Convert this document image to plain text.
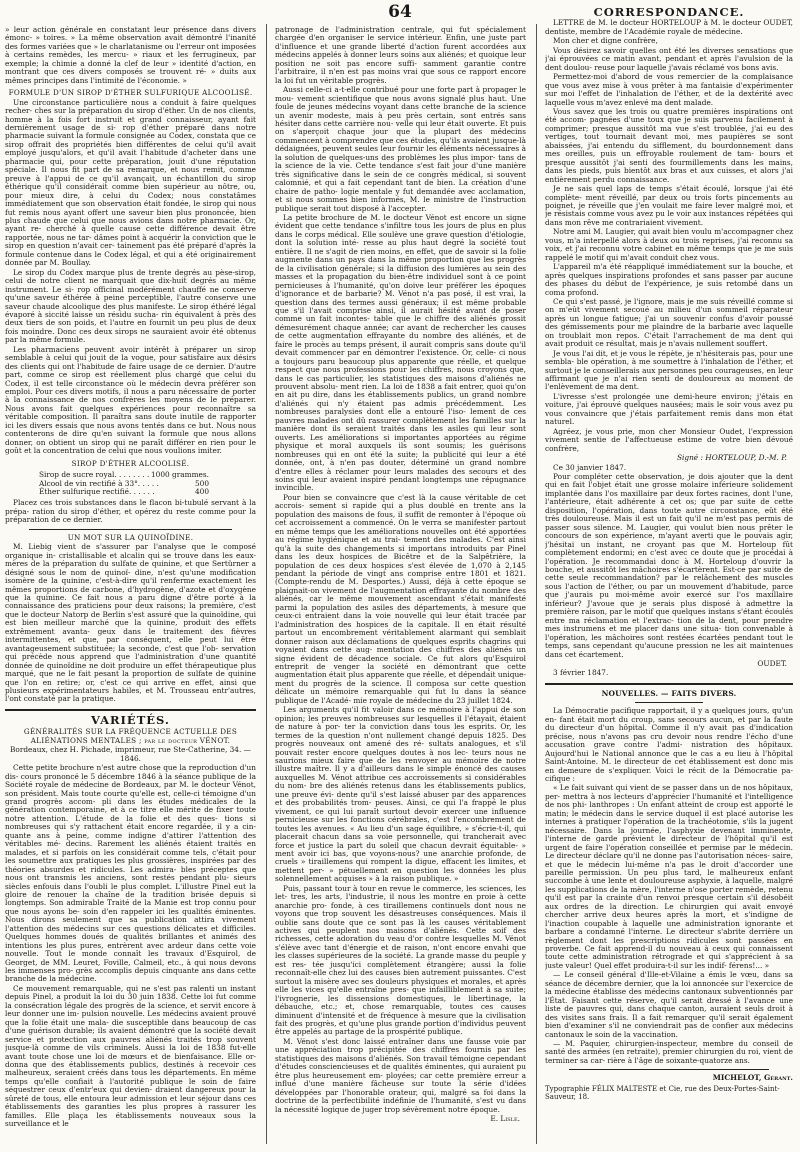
64

» leur action générale en constatant leur présence dans divers émonc- » toires. » La même observation avait démontré l'inanité des formes variées que » le charlatanisme ou l'erreur ont imposées à certains remèdes, les mercu- » riaux et les ferrugineux, par exemple; la chimie a donné la clef de leur » identité d'action, en montrant que ces divers composés se trouvent ré- » duits aux mêmes principes dans l'intimité de l'économie. »

FORMULE D'UN SIROP D'ÉTHER SULFURIQUE ALCOOLISÉ.

Une circonstance particulière nous a conduit à faire quelques recher- ches sur la préparation du sirop d'éther. Un de nos clients, homme à la fois fort instruit et grand connaisseur, ayant fait dernièrement usage de si- rop d'éther préparé dans notre pharmacie suivant la formule consignée au Codex, constata que ce sirop offrait des propriétés bien différentes de celui qu'il avait employé jusqu'alors, et qu'il avait l'habitude d'acheter dans une pharmacie qui, pour cette préparation, jouit d'une réputation spéciale. Il nous fit part de sa remarque, et nous remit, comme preuve à l'appui de ce qu'il avançait, un échantillon du sirop éthérique qu'il considérait comme bien supérieur au nôtre, ou, pour mieux dire, à celui du Codex; nous constatâmes immédiatement que son observation était fondée, le sirop qui nous fut remis nous ayant offert une saveur bien plus prononcée, bien plus chaude que celui que nous avions dans notre pharmacie. Or, ayant re- cherché à quelle cause cette différence devait être rapportée, nous ne tar- dâmes point à acquérir la conviction que le sirop en question n'avait cer- tainement pas été préparé d'après la formule contenue dans le Codex légal, et qui a été originairement donnée par M. Boullay.

Le sirop du Codex marque plus de trente degrés au pèse-sirop, celui de notre client ne marquait que dix-huit degrés au même instrument. Le si- rop officinal modérément chauffé ne conserve qu'une saveur éthérée à peine perceptible, l'autre conserve une saveur chaude alcoolique des plus manifeste. Le sirop éthéré légal évaporé à siccité laisse un résidu sucha- rin équivalent à près des deux tiers de son poids, et l'autre en fournit un peu plus de deux fois moindre. Donc ces deux sirops ne sauraient avoir été obtenus par la même formule.

Les pharmaciens peuvent avoir intérêt à préparer un sirop semblable à celui qui jouit de la vogue, pour satisfaire aux désirs des clients qui ont l'habitude de faire usage de ce dernier. D'autre part, comme ce sirop est réellement plus chargé que celui du Codex, il est telle circonstance où le médecin devra préférer son emploi. Pour ces divers motifs, il nous a paru nécessaire de porter à la connaissance de nos confrères les moyens de le préparer. Nous avons fait quelques expériences pour reconnaître sa véritable composition. Il paraîtra sans doute inutile de rapporter ici les divers essais que nous avons tentés dans ce but. Nous nous contenterons de dire qu'en suivant la formule que nous allons donner, on obtient un sirop qui ne paraît différer en rien pour le goût et la concentration de celui que nous voulions imiter.

SIROP D'ÉTHER ALCOOLISÉ.
Sirop de sucre royal. . . . . . . . 1000 grammes.
Alcool de vin rectifié à 33°. . . . .	500
Éther sulfurique rectifié. . . . . .	400

Placez ces trois substances dans le flacon bi-tubulé servant à la prépa- ration du sirop d'éther, et opérez du reste comme pour la préparation de ce dernier.

UN MOT SUR LA QUINOÏDINE.

M. Liebig vient de s'assurer par l'analyse que le composé organique in- cristallisable et alcalin qui se trouve dans les eaux-mères de la préparation du sulfate de quinine, et que Sertürner a désigné sous le nom de quinoï- dine, n'est qu'une modification isomère de la quinine, c'est-à-dire qu'il renferme exactement les mêmes proportions de carbone, d'hydrogène, d'azote et d'oxygène que la quinine. Ce fait nous a paru digne d'être porté à la connaissance des praticiens pour deux raisons; la première, c'est que le docteur Natorp de Berlin s'est assuré que la quinoïdine, qui est bien meilleur marché que la quinine, produit des effets extrêmement avanta- geux dans le traitement des fièvres intermittentes, et que, par conséquent, elle peut lui être avantageusement substituée; la seconde, c'est que l'ob- servation qui précède nous apprend que l'administration d'une quantité donnée de quinoïdine ne doit produire un effet thérapeutique plus marqué, que ne le fait pesant la proportion de sulfate de quinine que l'on en retire; or, c'est ce qui arrive en effet, ainsi que plusieurs expérimentateurs habiles, et M. Trousseau entr'autres, l'ont constaté par la pratique.

VARIÉTÉS.
GÉNÉRALITÉS SUR LA FRÉQUENCE ACTUELLE DES ALIÉNATIONS MENTALES ; par le docteur VÉNOT.

Bordeaux, chez H. Pichade, imprimeur, rue Ste-Catherine, 34. — 1846.

Cette petite brochure n'est autre chose que la reproduction d'un dis- cours prononcé le 5 décembre 1846 à la séance publique de la Société royale de médecine de Bordeaux, par M. le docteur Vénot, son président. Mais toute courte qu'elle est, celle-ci témoigne d'un grand progrès accom- pli dans les études médicales de la génération contemporaine, et à ce titre elle mérite de fixer toute notre attention. L'étude de la folie et des ques- tions si nombreuses qui s'y rattachent était encore regardée, il y a cin- quante ans à peine, comme indigne d'attirer l'attention des véritables mé- decins. Rarement les aliénés étaient traités en malades, et si parfois on les considérait comme tels, c'était pour les soumettre aux pratiques les plus grossières, inspirées par des théories absurdes et ridicules. Les admira- bles préceptes que nous ont transmis les anciens, sont restés pendant plu- sieurs siècles enfouis dans l'oubli le plus complet. L'illustre Pinel eut la gloire de renouer la chaîne de la tradition brisée depuis si longtemps. Son admirable Traité de la Manie est trop connu pour que nous ayons be- soin d'en rappeler ici les qualités éminentes. Nous dirons seulement que sa publication attira vivement l'attention des médecins sur ces questions délicates et difficiles. Quelques hommes doués de qualités brillantes et animés des intentions les plus pures, entrèrent avec ardeur dans cette voie nouvelle. Tout le monde connaît les travaux d'Esquirol, de Georget, de MM. Leuret, Foville, Calmeil, etc., à qui nous devons les immenses pro- grès accomplis depuis cinquante ans dans cette branche de la médecine.

Ce mouvement remarquable, qui ne s'est pas ralenti un instant depuis Pinel, a produit la loi du 30 juin 1838. Cette loi fut comme la consécration légale des progrès de la science, et servit encore à leur donner une im- pulsion nouvelle. Les médecins avaient prouvé que la folie était une mala- die susceptible dans beaucoup de cas d'une guérison durable; ils avaient démontré que la société devait service et protection aux pauvres aliénés traités trop souvent jusque-là comme de vils criminels. Aussi la loi de 1838 fut-elle avant toute chose une loi de mœurs et de bienfaisance. Elle or- donna que des établissements publics, destinés à recevoir ces malheureux, seraient créés dans tous les départements. En même temps qu'elle confiait à l'autorité publique le soin de faire séquestrer ceux d'entr'eux qui devien- draient dangereux pour la sûreté de tous, elle entoura leur admission et leur séjour dans ces établissements des garanties les plus propres à rassurer les familles. Elle plaça les établissements nouveaux sous la surveillance et le

patronage de l'administration centrale, qui fut spécialement chargée d'en organiser le service intérieur. Enfin, une juste part d'influence et une grande liberté d'action furent accordées aux médecins appelés à donner leurs soins aux aliénés; et quoique leur position ne soit pas encore suffi- samment garantie contre l'arbitraire, il n'en est pas moins vrai que sous ce rapport encore la loi fut un véritable progrès.

Aussi celle-ci a-t-elle contribué pour une forte part à propager le mou- vement scientifique que nous avons signalé plus haut. Une foule de jeunes médecins voyant dans cette branche de la science un avenir modeste, mais à peu près certain, sont entrés sans hésiter dans cette carrière nou- velle qui leur était ouverte. Et puis on s'aperçoit chaque jour que la plupart des médecins commencent à comprendre que ces études, qu'ils avaient jusque-là dédaignées, peuvent seules leur fournir les éléments nécessaires à la solution de quelques-uns des problèmes les plus impor- tans de la science de la vie. Cette tendance s'est fait jour d'une manière très significative dans le sein de ce congrès médical, si souvent calomnié, et qui a fait cependant tant de bien. La création d'une chaire de patho- logie mentale y fut demandée avec acclamation, et si nous sommes bien informés, M. le ministre de l'instruction publique serait tout disposé à l'accepter.

La petite brochure de M. le docteur Vénot est encore un signe évident que cette tendance s'infiltre tous les jours de plus en plus dans le corps médical. Elle soulève une grave question d'étiologie, dont la solution inté- resse au plus haut degré la société tout entière. Il ne s'agit de rien moins, en effet, que de savoir si la folie augmente dans un pays dans la même proportion que les progrès de la civilisation générale; si la diffusion des lumières au sein des masses et la propagation du bien-être individuel sont à ce point pernicieuses à l'humanité, qu'on doive leur préférer les époques d'ignorance et de barbarie? M. Vénot n'a pas posé, il est vrai, la question dans des termes aussi généraux; il est même probable que s'il l'avait comprise ainsi, il aurait hésité avant de poser comme un fait incontes- table que le chiffre des aliénés grossit démesurément chaque année; car avant de rechercher les causes de cette augmentation effrayante du nombre des aliénés, et de faire le procès au temps présent, il aurait compris sans doute qu'il devait commencer par en démontrer l'existence. Or, celle- ci nous a toujours paru beaucoup plus apparente que réelle, et quelque respect que nous professions pour les chiffres, nous croyons que, dans le cas particulier, les statistiques des maisons d'aliénés ne prouvent absolu- ment rien. La loi de 1838 a fait entrer, quoi qu'on en ait pu dire, dans les établissements publics, un grand nombre d'aliénés qui n'y étaient pas admis précédemment. Les nombreuses paralysies dont elle a entouré l'iso- lement de ces pauvres malades ont dû rassurer complètement les familles sur la manière dont ils seraient traités dans les asiles qui leur sont ouverts. Les améliorations si importantes apportées au régime physique et moral auxquels ils sont soumis; les guérisons nombreuses qui en ont été la suite; la publicité qui leur a été donnée, ont, à n'en pas douter, déterminé un grand nombre d'entre elles à réclamer pour leurs malades des secours et des soins qui leur avaient inspiré pendant longtemps une répugnance invincible.

Pour bien se convaincre que c'est là la cause véritable de cet accrois- sement si rapide qui a plus doublé en trente ans la population des maisons de fous, il suffit de remonter à l'époque où cet accroissement a commencé. On le verra se manifester partout en même temps que les améliorations nouvelles ont été apportées au régime hygiénique et au trai- tement des malades. C'est ainsi qu'à la suite des changements si importans introduits par Pinel dans les deux hospices de Bicêtre et de la Salpêtrière, la population de ces deux hospices s'est élevée de 1,070 à 2,145 pendant la période de vingt ans comprise entre 1801 et 1821. (Compte-rendu de M. Desportes.) Aussi, déjà à cette époque se plaignait-on vivement de l'augmentation effrayante du nombre des aliénés, car le même mouvement ascendant s'était manifesté parmi la population des asiles des départements, à mesure que ceux-ci entraient dans la voie nouvelle qui leur était tracée par l'administration des hospices de la capitale. Il en était résulté partout un encombrement véritablement alarmant qui semblait donner raison aux déclamations de quelques esprits chagrins qui voyaient dans cette aug- mentation des chiffres des aliénés un signe évident de décadence sociale. Ce fut alors qu'Esquirol entreprit de venger la société en démontrant que cette augmentation était plus apparente que réelle, et dépendait unique- ment du progrès de la science. Il composa sur cette question délicate un mémoire remarquable qui fut lu dans la séance publique de l'Acadé- mie royale de médecine du 23 juillet 1824.

Les arguments qu'il fit valoir dans ce mémoire à l'appui de son opinion; les preuves nombreuses sur lesquelles il l'étayait, étaient de nature à por- ter la conviction dans tous les esprits. Or, les termes de la question n'ont nullement changé depuis 1825. Des progrès nouveaux ont amené des ré- sultats analogues, et s'il pouvait rester encore quelques doutes à nos lec- teurs nous ne saurions mieux faire que de les renvoyer au mémoire de notre illustre maître. Il y a d'ailleurs dans le simple énoncé des causes auxquelles M. Vénot attribue ces accroissements si considérables du nom- bre des aliénés retenus dans les établissements publics, une preuve évi- dente qu'il s'est laissé abuser par des apparences et des probabilités trom- peuses. Ainsi, ce qui l'a frappé le plus vivement, ce qui lui paraît surtout devoir exercer une influence pernicieuse sur les fonctions cérébrales, c'est l'encombrement de toutes les avenues. « Au lieu d'un sage équilibre, » s'écrie-t-il, qui placerait chacun dans sa voie personnelle, qui trancherait avec force et justice la part du soleil que chacun devrait équitable- » ment avoir ici bas, que voyons-nous? une anarchie profonde, de cruels » tiraillemens qui rompent la digue, effacent les limites, et mettent per- » pétuellement en question les données les plus solennellement acquises » à la raison publique. »

Puis, passant tour à tour en revue le commerce, les sciences, les let- tres, les arts, l'industrie, il nous les montre en proie à cette anarchie pro- fonde, à ces tiraillemens continuels dont nous ne voyons que trop souvent les désastreuses conséquences. Mais il oublie sans doute que ce sont pas là les causes véritablement actives qui peuplent nos maisons d'aliénés. Cette soif des richesses, cette adoration du veau d'or contre lesquelles M. Vénot s'élève avec tant d'énergie et de raison, n'ont encore envahi que les classes supérieures de la société. La grande masse du peuple y est res- tée jusqu'ici complètement étrangère; aussi la folie reconnaît-elle chez lui des causes bien autrement puissantes. C'est surtout la misère avec ses douleurs physiques et morales, et après elle les vices qu'elle entraîne pres- que infailliblement à sa suite; l'ivrognerie, les dissensions domestiques, le libertinage, la débauche, etc.; et, chose remarquable, toutes ces causes diminuent d'intensité et de fréquence à mesure que la civilisation fait des progrès, et qu'une plus grande portion d'individus peuvent être appelés au partage de la prospérité publique.

M. Vénot s'est donc laissé entraîner dans une fausse voie par une appréciation trop précipitée des chiffres fournis par les statistiques des maisons d'aliénés. Son travail témoigne cependant d'études consciencieuses et de qualités éminentes, qui auraient pu être plus heureusement em- ployées; car cette première erreur a influé d'une manière fâcheuse sur toute la série d'idées développées par l'honorable orateur, qui, malgré sa foi dans la doctrine de la perfectibilité indéfinie de l'humanité, s'est vu dans la nécessité logique de juger trop sévèrement notre époque.

E. Lisle.
CORRESPONDANCE.

LETTRE de M. le docteur HORTELOUP à M. le docteur OUDET, dentiste, membre de l'Académie royale de médecine.

Mon cher et digne confrère,

Vous désirez savoir quelles ont été les diverses sensations que j'ai éprouvées ce matin avant, pendant et après l'avulsion de la dent doulou- reuse pour laquelle j'avais réclamé vos bons avis.

Permettez-moi d'abord de vous remercier de la complaisance que vous avez mise à vous prêter à ma fantaisie d'expérimenter sur moi l'effet de l'inhalation de l'éther, et de la dextérité avec laquelle vous m'avez enlevé ma dent malade.

Vous savez que les trois ou quatre premières inspirations ont été accom- pagnées d'une toux que je suis parvenu facilement à comprimer; presque aussitôt ma vue s'est troublée, j'ai eu des vertiges, tout tournait devant moi, mes paupières se sont abaissées, j'ai entendu du sifflement, du bourdonnement dans mes oreilles, puis un effroyable roulement de tam- bours et presque aussitôt j'ai senti des fourmillements dans les mains, dans les pieds, puis bientôt aux bras et aux cuisses, et alors j'ai entièrement perdu connaissance.

Je ne sais quel laps de temps s'était écoulé, lorsque j'ai été complète- ment réveillé, par deux ou trois forts pincements au poignet, je réveille que j'en voulait me faire lever malgré moi, et je résistais comme vous avez pu le voir aux instances répétées qui dans mon rêve me contrariaient vivement.

Notre ami M. Laugier, qui avait bien voulu m'accompagner chez vous, m'a interpellé alors à deux ou trois reprises, j'ai reconnu sa voix, et j'ai reconnu votre cabinet en même temps que je me suis rappelé le motif qui m'avait conduit chez vous.

L'appareil m'a été réappliqué immédiatement sur la bouche, et après quelques inspirations profondes et sans passer par aucune des phases du début de l'expérience, je suis retombé dans un coma profond.

Ce qui s'est passé, je l'ignore, mais je me suis réveillé comme si on m'eût vivement secoué au milieu d'un sommeil réparateur après un longue fatigue; j'ai un souvenir confus d'avoir poussé des gémissements pour me plaindre de la barbarie avec laquelle on troublait mon repos. C'était l'arrachement de ma dent qui avait produit ce résultat, mais je n'avais nullement souffert.

Je vous l'ai dit, et je vous le répète, je n'hésiterais pas, pour une sembla- ble opération, à me soumettre à l'inhalation de l'éther, et surtout je le conseillerais aux personnes peu courageuses, en leur affirmant que je n'ai rien senti de douloureux au moment de l'enlèvement de ma dent.

L'ivresse s'est prolongée une demi-heure environ; j'étais en voiture, j'ai éprouvé quelques nausées; mais le soir vous avez pu vous convaincre que j'étais parfaitement remis dans mon état naturel.

Agréez, je vous prie, mon cher Monsieur Oudet, l'expression vivement sentie de l'affectueuse estime de votre bien dévoué confrère,

Signé : HORTELOUP, D.-M. P.

Ce 30 janvier 1847.

Pour compléter cette observation, je dois ajouter que la dent qui en fait l'objet était une grosse molaire inférieure solidement implantée dans l'os maxillaire par deux fortes racines, dont l'une, l'antérieure, était adhérente à cet os; que par suite de cette disposition, l'opération, dans toute autre circonstance, eût été très douloureuse. Mais il est un fait qu'il ne m'est pas permis de passer sous silence. M. Laugier, qui voulut bien nous prêter le concours de son expérience, m'ayant averti que le pouvais agir, j'hésitai un instant, ne croyant pas que M. Horteloup fût complètement endormi; en c'est avec ce doute que je procédai à l'opération. Je recommandai donc à M. Horteloup d'ouvrir la bouche, et aussitôt les mâchoires s'écartèrent. Est-ce par suite de cette seule recommandation? par le relâchement des muscles sous l'action de l'éther, ou par un mouvement d'habitude, parce que j'aurais pu moi-même avoir exercé sur l'os maxillaire inférieur? J'avoue que je serais plus disposé à admettre la première raison, par le motif que quelques instans s'étant écoulés entre ma réclamation et l'extrac- tion de la dent, pour prendre mes instrumens et me placer dans une situa- tion convenable à l'opération, les mâchoires sont restées écartées pendant tout le temps, sans cependant qu'aucune pression ne les ait maintenues dans cet écartement.

OUDET.

3 février 1847.

NOUVELLES. — FAITS DIVERS.

La Démocratie pacifique rapportait, il y a quelques jours, qu'un en- fant était mort du croup, sans secours aucun, et par la faute du directeur d'un hôpital. Comme il n'y avait pas d'indication précise, nous n'avons pas cru devoir nous rendre l'écho d'une accusation grave contre l'admi- nistration des hôpitaux. Aujourd'hui le National annonce que le cas a eu lieu à l'hôpital Saint-Antoine. M. le directeur de cet établissement est donc mis en demeure de s'expliquer. Voici le récit de la Démocratie pa- cifique :

« Le fait suivant qui vient de se passer dans un de nos hôpitaux, per- mettra à nos lecteurs d'apprécier l'humanité et l'intelligence de nos phi- lanthropes : Un enfant atteint de croup est apporté le matin; le médecin dans le service duquel il est placé autorise les internes à pratiquer l'opération de la trachéotomie, s'ils la jugent nécessaire. Dans la journée, l'asphyxie devenant imminente, l'interne de garde prévient le directeur de l'hôpital qu'il est urgent de faire l'opération conseillée et permise par le médecin. Le directeur déclare qu'il ne donne pas l'autorisation néces- saire, et que le médecin lui-même n'a pas le droit d'accorder une pareille permission. Un peu plus tard, le malheureux enfant succombe à une lente et douloureuse asphyxie, à laquelle, malgré les supplications de la mère, l'interne n'ose porter remède, retenu qu'il est par la crainte d'un renvoi presque certain s'il désobéit aux ordres de la direction. Le chirurgien qui avait envoyé chercher arrive deux heures après la mort, et s'indigne de l'inaction coupable à laquelle une administration ignorante et barbare a condamné l'interne. Le directeur s'abrite derrière un règlement dont les prescriptions ridicules sont passées en proverbe. Ce fait apprend-il du nouveau à ceux qui connaissent toute cette administration rétrograde et qui s'apprécient à sa juste valeur! Quel effet produira-t-il sur les indif- férens!... »

— Le conseil général d'Ille-et-Vilaine a émis le vœu, dans sa séance de décembre dernier, que la loi annoncée sur l'exercice de la médecine établisse des médecins cantonaux subventionnés par l'État. Faisant cette réserve, qu'il serait dressé à l'avance une liste de pauvres qui, dans chaque canton, auraient seuls droit à des visites sans frais. Il a fait remarquer qu'il serait également bien d'examiner s'il ne conviendrait pas de confier aux médecins cantonaux le soin de la vaccination.

— M. Paquier, chirurgien-inspecteur, membre du conseil de santé des armées (en retraite), premier chirurgien du roi, vient de terminer sa car- rière à l'âge de soixante-quatorze ans.

MICHELOT, Gérant.
Typographie FÉLIX MALTESTE et Cie, rue des Deux-Portes-Saint-Sauveur, 18.
